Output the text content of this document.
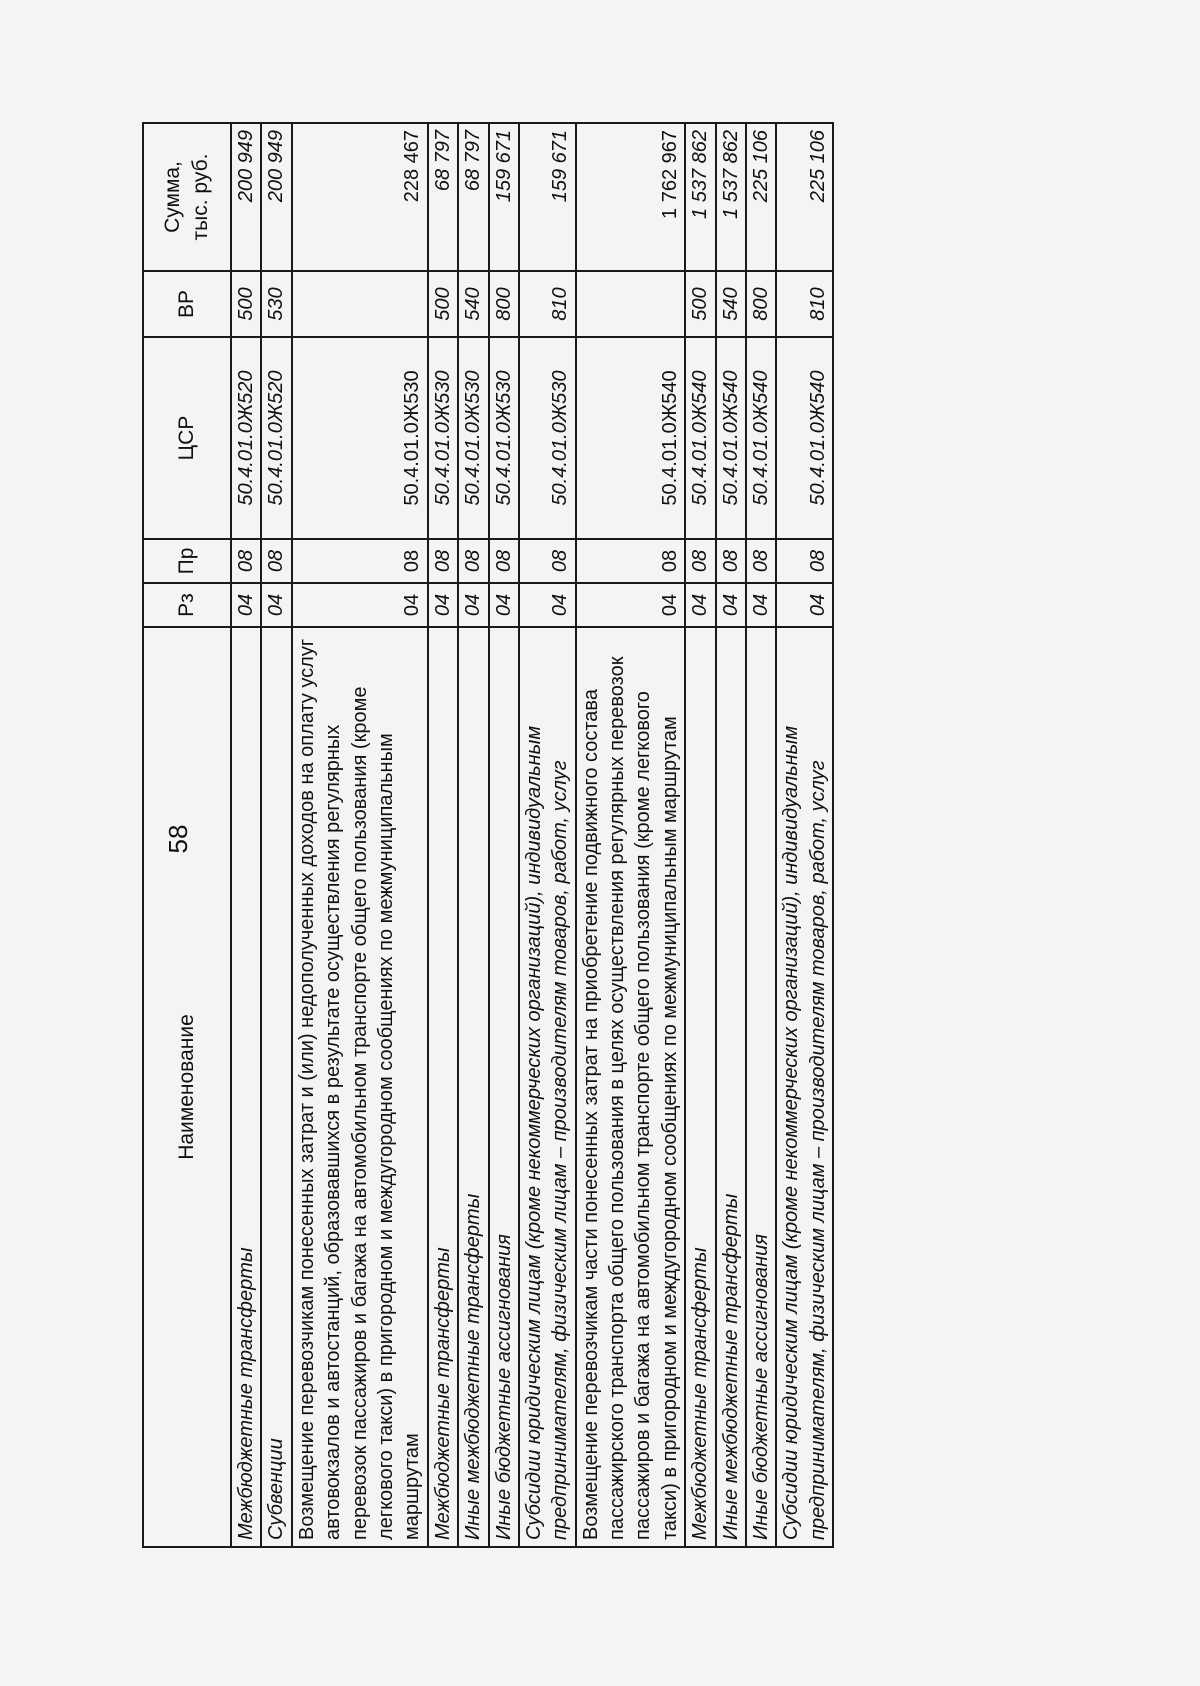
58
Наименование	Рз	Пр	ЦСР	ВР	Сумма, тыс. руб.
Межбюджетные трансферты	04	08	50.4.01.0Ж520	500	200 949
Субвенции	04	08	50.4.01.0Ж520	530	200 949
Возмещение перевозчикам понесенных затрат и (или) недополученных доходов на оплату услуг автовокзалов и автостанций, образовавшихся в результате осуществления регулярных перевозок пассажиров и багажа на автомобильном транспорте общего пользования (кроме легкового такси) в пригородном и междугородном сообщениях по межмуниципальным маршрутам	04	08	50.4.01.0Ж530		228 467
Межбюджетные трансферты	04	08	50.4.01.0Ж530	500	68 797
Иные межбюджетные трансферты	04	08	50.4.01.0Ж530	540	68 797
Иные бюджетные ассигнования	04	08	50.4.01.0Ж530	800	159 671
Субсидии юридическим лицам (кроме некоммерческих организаций), индивидуальным предпринимателям, физическим лицам – производителям товаров, работ, услуг	04	08	50.4.01.0Ж530	810	159 671
Возмещение перевозчикам части понесенных затрат на приобретение подвижного состава пассажирского транспорта общего пользования в целях осуществления регулярных перевозок пассажиров и багажа на автомобильном транспорте общего пользования (кроме легкового такси) в пригородном и междугородном сообщениях по межмуниципальным маршрутам	04	08	50.4.01.0Ж540		1 762 967
Межбюджетные трансферты	04	08	50.4.01.0Ж540	500	1 537 862
Иные межбюджетные трансферты	04	08	50.4.01.0Ж540	540	1 537 862
Иные бюджетные ассигнования	04	08	50.4.01.0Ж540	800	225 106
Субсидии юридическим лицам (кроме некоммерческих организаций), индивидуальным предпринимателям, физическим лицам – производителям товаров, работ, услуг	04	08	50.4.01.0Ж540	810	225 106
